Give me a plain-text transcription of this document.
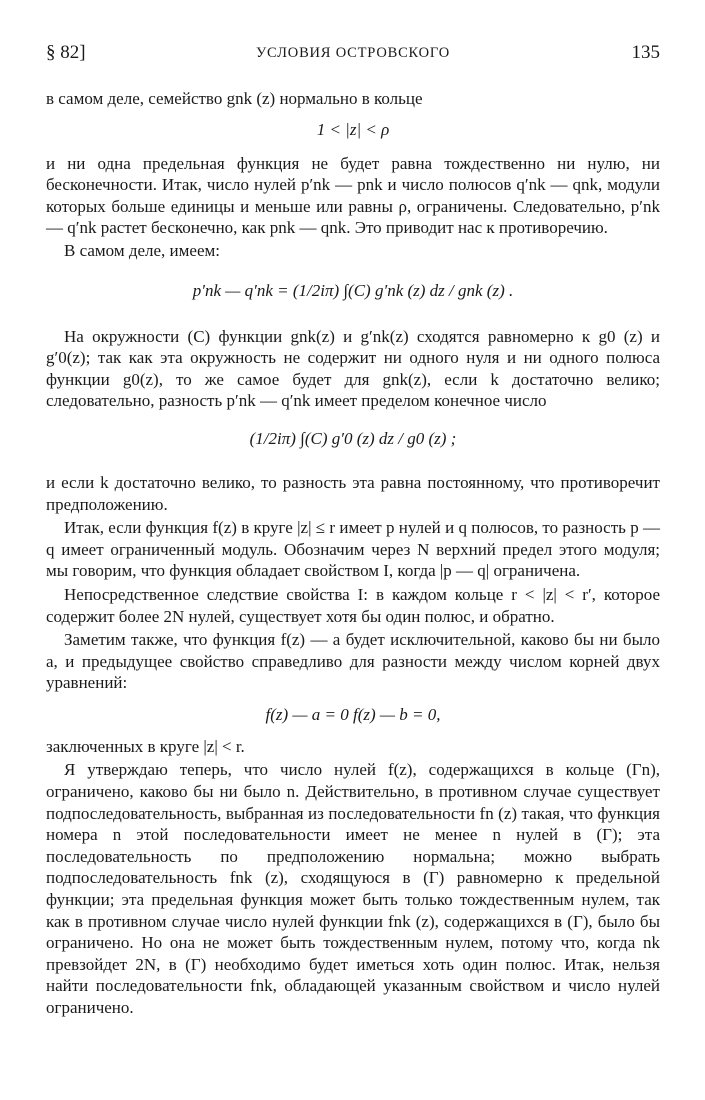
§ 82]	УСЛОВИЯ ОСТРОВСКОГО	135

в самом деле, семейство gnk (z) нормально в кольце

1 < |z| < ρ

и ни одна предельная функция не будет равна тождественно ни нулю, ни бесконечности. Итак, число нулей p′nk — pnk и число полюсов q′nk — qnk, модули которых больше единицы и меньше или равны ρ, ограничены. Следовательно, p′nk — q′nk растет бесконечно, как pnk — qnk. Это приводит нас к противоречию.

В самом деле, имеем:

p′nk — q′nk = (1/2iπ) ∫(C) g′nk (z) dz / gnk (z) .

На окружности (C) функции gnk(z) и g′nk(z) сходятся равномерно к g0 (z) и g′0(z); так как эта окружность не содержит ни одного нуля и ни одного полюса функции g0(z), то же самое будет для gnk(z), если k достаточно велико; следовательно, разность p′nk — q′nk имеет пределом конечное число

(1/2iπ) ∫(C) g′0 (z) dz / g0 (z) ;

и если k достаточно велико, то разность эта равна постоянному, что противоречит предположению.

Итак, если функция f(z) в круге |z| ≤ r имеет p нулей и q полюсов, то разность p — q имеет ограниченный модуль. Обозначим через N верхний предел этого модуля; мы говорим, что функция обладает свойством I, когда |p — q| ограничена.

Непосредственное следствие свойства I: в каждом кольце r < |z| < r′, которое содержит более 2N нулей, существует хотя бы один полюс, и обратно.

Заметим также, что функция f(z) — a будет исключительной, каково бы ни было a, и предыдущее свойство справедливо для разности между числом корней двух уравнений:

f(z) — a = 0 f(z) — b = 0,

заключенных в круге |z| < r.

Я утверждаю теперь, что число нулей f(z), содержащихся в кольце (Γn), ограничено, каково бы ни было n. Действительно, в противном случае существует подпоследовательность, выбранная из последовательности fn (z) такая, что функция номера n этой последовательности имеет не менее n нулей в (Γ); эта последовательность по предположению нормальна; можно выбрать подпоследовательность fnk (z), сходящуюся в (Γ) равномерно к предельной функции; эта предельная функция может быть только тождественным нулем, так как в противном случае число нулей функции fnk (z), содержащихся в (Γ), было бы ограничено. Но она не может быть тождественным нулем, потому что, когда nk превзойдет 2N, в (Γ) необходимо будет иметься хоть один полюс. Итак, нельзя найти последовательности fnk, обладающей указанным свойством и число нулей ограничено.
